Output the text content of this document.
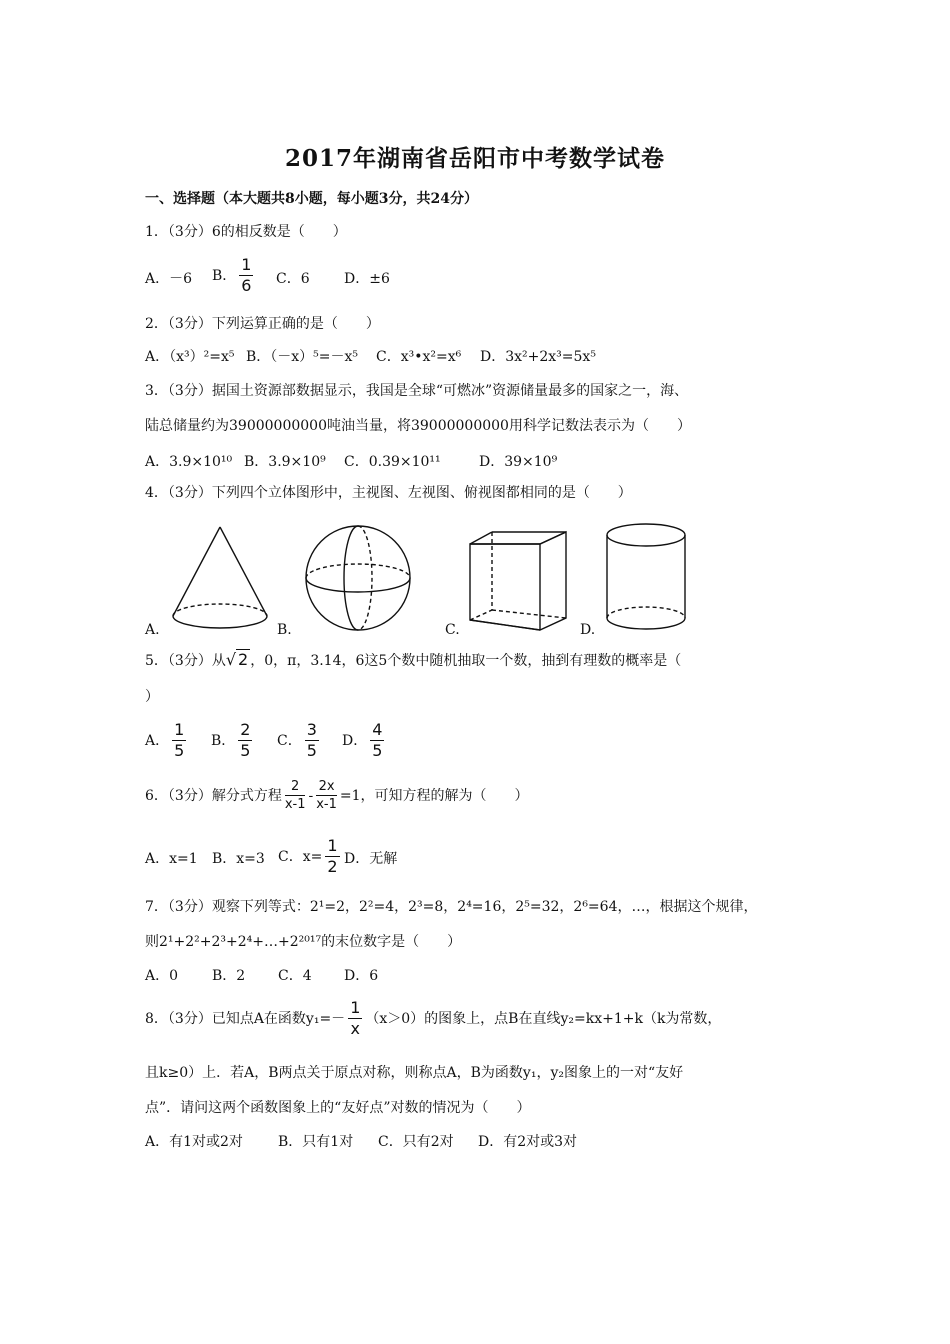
2017年湖南省岳阳市中考数学试卷
一、选择题（本大题共8小题，每小题3分，共24分）
1．（3分）6的相反数是（　　）
A．－6 B． $\frac{1}{6}$ C．6 D．±6
2．（3分）下列运算正确的是（　　）
A．（x³）²=x⁵ B．（－x）⁵=－x⁵ C．x³•x²=x⁶ D．3x²+2x³=5x⁵
3．（3分）据国土资源部数据显示，我国是全球“可燃冰”资源储量最多的国家之一，海、
陆总储量约为39000000000吨油当量，将39000000000用科学记数法表示为（　　）
A．3.9×10¹⁰ B．3.9×10⁹ C．0.39×10¹¹	D．39×10⁹
4．（3分）下列四个立体图形中，主视图、左视图、俯视图都相同的是（　　）
A.	B.	C.	D.
5．（3分）从√ 2 ，0，π，3.14，6这5个数中随机抽取一个数，抽到有理数的概率是（
）
A． $\frac{1}{5}$ B． $\frac{2}{5}$ C． $\frac{3}{5}$ D． $\frac{4}{5}$
6．（3分）解分式方程 $\frac{2}{x-1} - \frac{2x}{x-1} =1$，可知方程的解为（　　）
A．x=1 B．x=3 C．$x= \frac{1}{2}$ D．无解
7．（3分）观察下列等式：2¹=2，2²=4，2³=8，2⁴=16，2⁵=32，2⁶=64，…，根据这个规律，
则2¹+2²+2³+2⁴+…+2²⁰¹⁷的末位数字是（　　）
A．0 B．2 C．4 D．6
8．（3分）已知点A在函数$y_1=- \frac{1}{x} (x>0)$的图象上，点B在直线y₂=kx+1+k（k为常数，
且k≥0）上．若A，B两点关于原点对称，则称点A，B为函数y₁，y₂图象上的一对“友好
点”．请问这两个函数图象上的“友好点”对数的情况为（　　）
A．有1对或2对	B．只有1对 C．只有2对 D．有2对或3对
